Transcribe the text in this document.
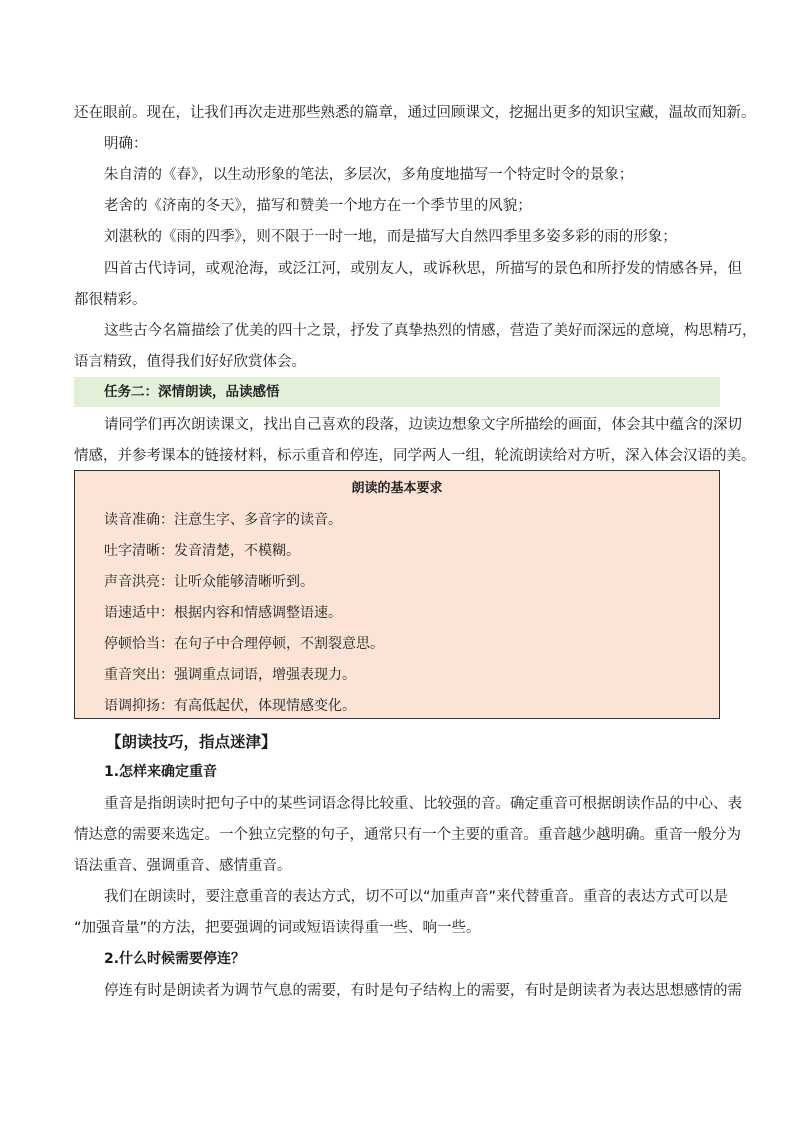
还在眼前。现在，让我们再次走进那些熟悉的篇章，通过回顾课文，挖掘出更多的知识宝藏，温故而知新。
明确：
朱自清的《春》，以生动形象的笔法，多层次，多角度地描写一个特定时令的景象；
老舍的《济南的冬天》，描写和赞美一个地方在一个季节里的风貌；
刘湛秋的《雨的四季》，则不限于一时一地，而是描写大自然四季里多姿多彩的雨的形象；
四首古代诗词，或观沧海，或泛江河，或别友人，或诉秋思，所描写的景色和所抒发的情感各异，但
都很精彩。
这些古今名篇描绘了优美的四十之景，抒发了真挚热烈的情感，营造了美好而深远的意境，构思精巧，
语言精致，值得我们好好欣赏体会。
任务二：深情朗读，品读感悟
请同学们再次朗读课文，找出自己喜欢的段落，边读边想象文字所描绘的画面，体会其中蕴含的深切
情感，并参考课本的链接材料，标示重音和停连，同学两人一组，轮流朗读给对方听，深入体会汉语的美。
朗读的基本要求
读音准确：注意生字、多音字的读音。
吐字清晰：发音清楚，不模糊。
声音洪亮：让听众能够清晰听到。
语速适中：根据内容和情感调整语速。
停顿恰当：在句子中合理停顿，不割裂意思。
重音突出：强调重点词语，增强表现力。
语调抑扬：有高低起伏，体现情感变化。
【朗读技巧，指点迷津】
1.怎样来确定重音
重音是指朗读时把句子中的某些词语念得比较重、比较强的音。确定重音可根据朗读作品的中心、表
情达意的需要来选定。一个独立完整的句子，通常只有一个主要的重音。重音越少越明确。重音一般分为
语法重音、强调重音、感情重音。
我们在朗读时，要注意重音的表达方式，切不可以“加重声音”来代替重音。重音的表达方式可以是
“加强音量”的方法，把要强调的词或短语读得重一些、响一些。
2.什么时候需要停连？
停连有时是朗读者为调节气息的需要，有时是句子结构上的需要，有时是朗读者为表达思想感情的需
